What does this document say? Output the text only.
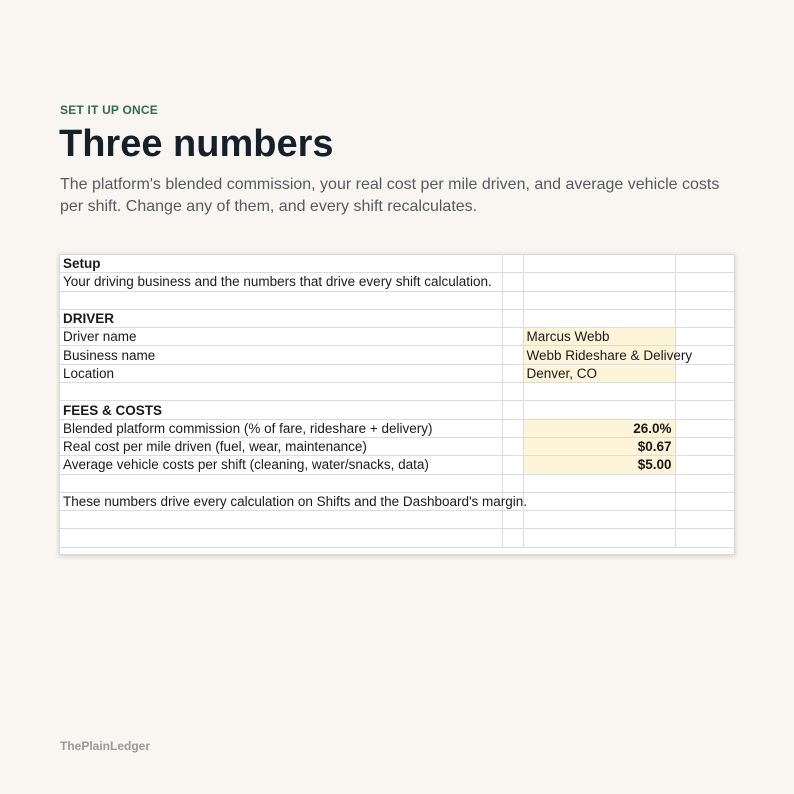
SET IT UP ONCE
Three numbers
The platform's blended commission, your real cost per mile driven, and average vehicle costs per shift. Change any of them, and every shift recalculates.
Setup			
Your driving business and the numbers that drive every shift calculation.			

DRIVER			
Driver name		Marcus Webb	
Business name		Webb Rideshare & Delivery	
Location		Denver, CO	

FEES & COSTS			
Blended platform commission (% of fare, rideshare + delivery)		26.0%	
Real cost per mile driven (fuel, wear, maintenance)		$0.67	
Average vehicle costs per shift (cleaning, water/snacks, data)		$5.00	

These numbers drive every calculation on Shifts and the Dashboard's margin.			

ThePlainLedger
